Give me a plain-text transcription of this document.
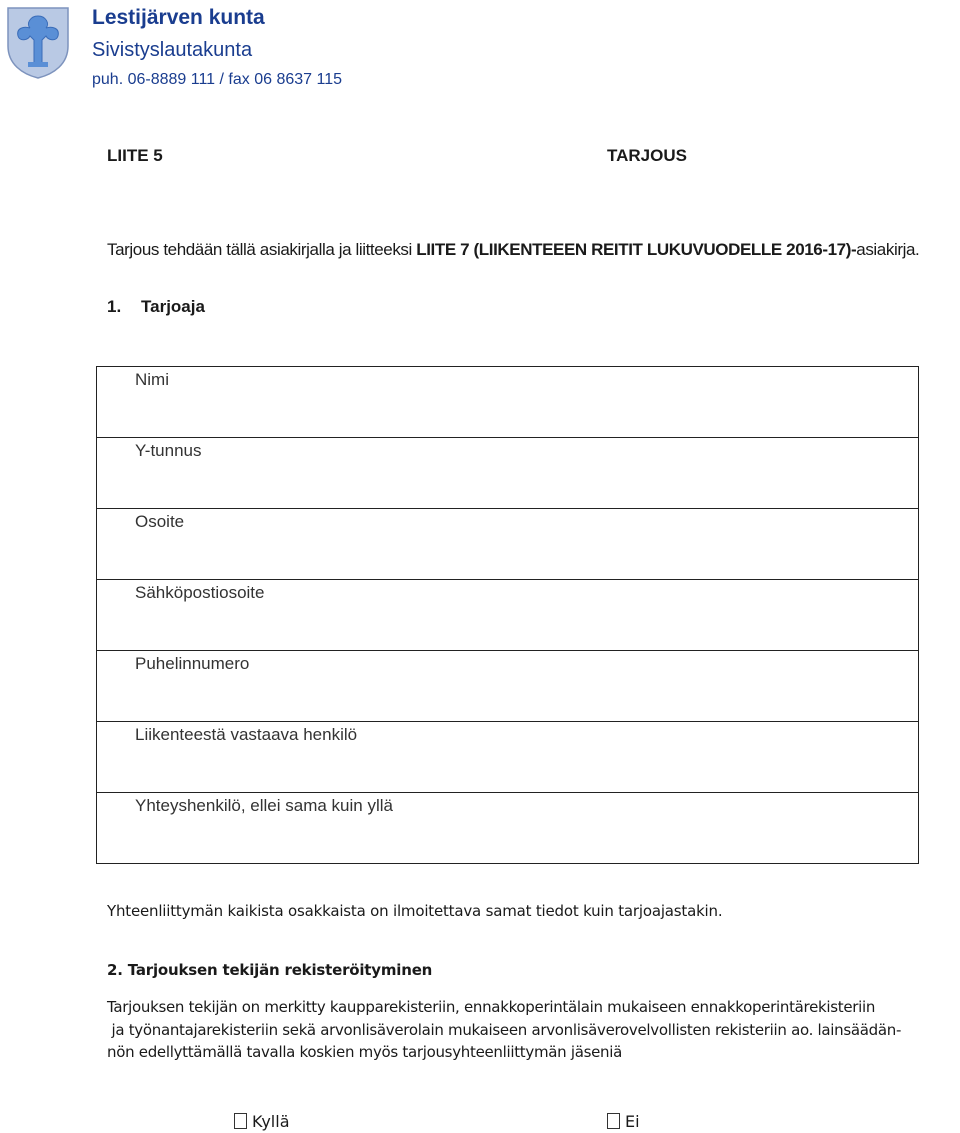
Lestijärven kunta
Sivistyslautakunta
puh. 06-8889 111 / fax 06 8637 115
LIITE 5	TARJOUS
Tarjous tehdään tällä asiakirjalla ja liitteeksi LIITE 7 (LIIKENTEEEN REITIT LUKUVUODELLE 2016-17)-asiakirja.
1. Tarjoaja
Nimi

Y-tunnus

Osoite

Sähköpostiosoite

Puhelinnumero

Liikenteestä vastaava henkilö

Yhteyshenkilö, ellei sama kuin yllä
Yhteenliittymän kaikista osakkaista on ilmoitettava samat tiedot kuin tarjoajastakin.
2. Tarjouksen tekijän rekisteröityminen
Tarjouksen tekijän on merkitty kaupparekisteriin, ennakkoperintälain mukaiseen ennakkoperintärekisteriin
ja työnantajarekisteriin sekä arvonlisäverolain mukaiseen arvonlisäverovelvollisten rekisteriin ao. lainsäädän-
nön edellyttämällä tavalla koskien myös tarjousyhteenliittymän jäseniä
Kyllä	Ei
